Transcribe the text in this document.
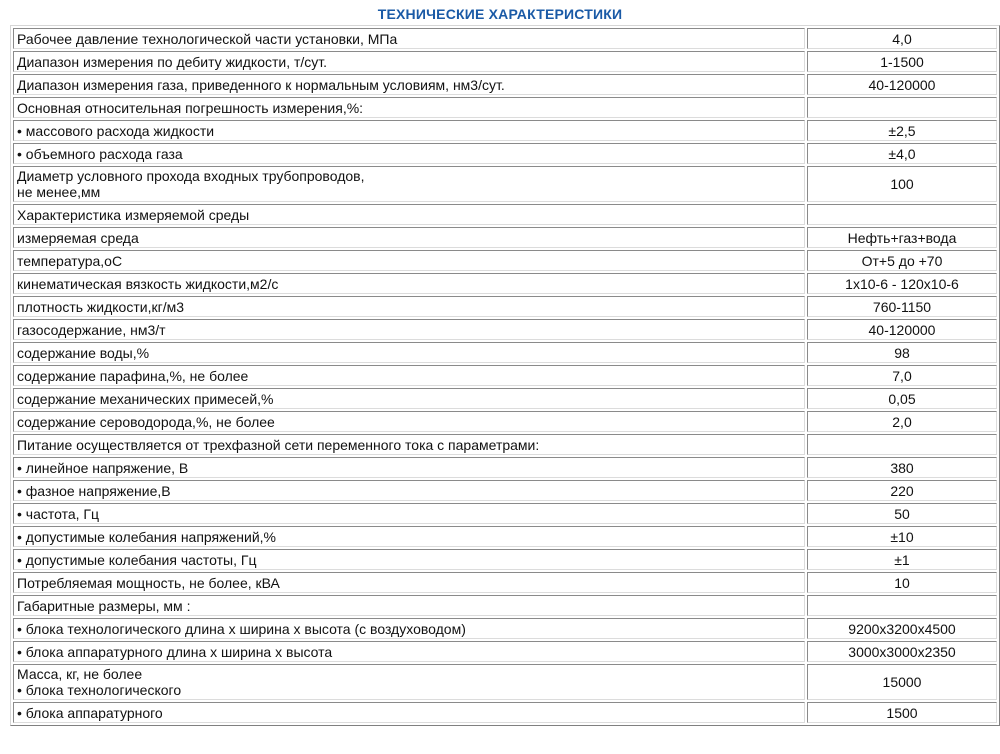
ТЕХНИЧЕСКИЕ ХАРАКТЕРИСТИКИ
Рабочее давление технологической части установки, МПа	4,0
Диапазон измерения по дебиту жидкости, т/сут.	1-1500
Диапазон измерения газа, приведенного к нормальным условиям, нм3/сут.	40-120000
Основная относительная погрешность измерения,%:	
• массового расхода жидкости	±2,5
• объемного расхода газа	±4,0

Диаметр условного прохода входных трубопроводов,
не менее,мм	100
Характеристика измеряемой среды	
измеряемая среда	Нефть+газ+вода
температура,оС	От+5 до +70
кинематическая вязкость жидкости,м2/с	1x10-6 - 120x10-6
плотность жидкости,кг/м3	760-1150
газосодержание, нм3/т	40-120000
содержание воды,%	98
содержание парафина,%, не более	7,0
содержание механических примесей,%	0,05
содержание сероводорода,%, не более	2,0
Питание осуществляется от трехфазной сети переменного тока с параметрами:	
• линейное напряжение, В	380
• фазное напряжение,В	220
• частота, Гц	50
• допустимые колебания напряжений,%	±10
• допустимые колебания частоты, Гц	±1
Потребляемая мощность, не более, кВА	10
Габаритные размеры, мм :	
• блока технологического длина х ширина х высота (с воздуховодом)	9200x3200x4500
• блока аппаратурного длина х ширина х высота	3000x3000x2350

Масса, кг, не более
• блока технологического	15000
• блока аппаратурного	1500
